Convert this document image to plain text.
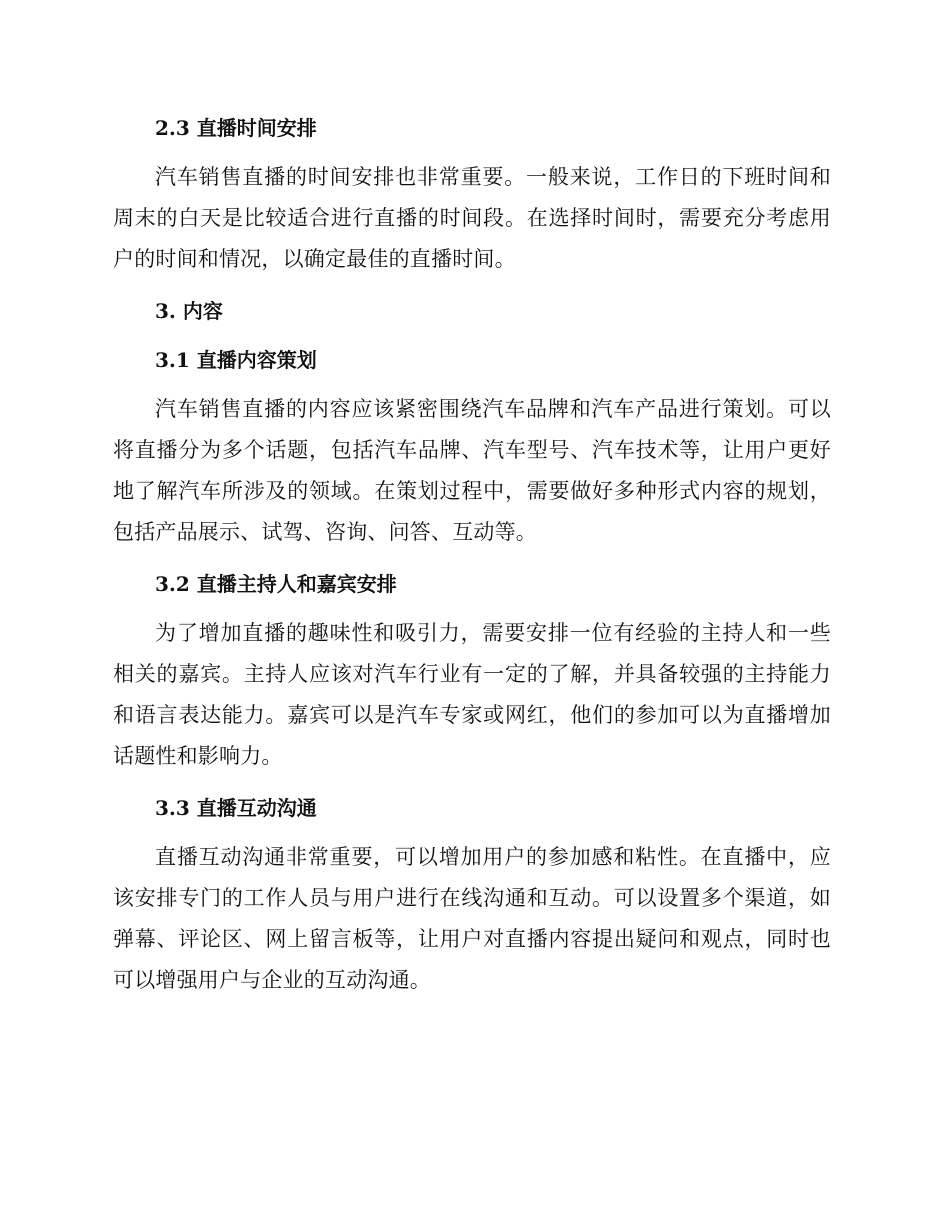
2.3 直播时间安排

汽车销售直播的时间安排也非常重要。一般来说，工作日的下班时间和周末的白天是比较适合进行直播的时间段。在选择时间时，需要充分考虑用户的时间和情况，以确定最佳的直播时间。

3. 内容
3.1 直播内容策划

汽车销售直播的内容应该紧密围绕汽车品牌和汽车产品进行策划。可以将直播分为多个话题，包括汽车品牌、汽车型号、汽车技术等，让用户更好地了解汽车所涉及的领域。在策划过程中，需要做好多种形式内容的规划，包括产品展示、试驾、咨询、问答、互动等。

3.2 直播主持人和嘉宾安排

为了增加直播的趣味性和吸引力，需要安排一位有经验的主持人和一些相关的嘉宾。主持人应该对汽车行业有一定的了解，并具备较强的主持能力和语言表达能力。嘉宾可以是汽车专家或网红，他们的参加可以为直播增加话题性和影响力。

3.3 直播互动沟通

直播互动沟通非常重要，可以增加用户的参加感和粘性。在直播中，应该安排专门的工作人员与用户进行在线沟通和互动。可以设置多个渠道，如弹幕、评论区、网上留言板等，让用户对直播内容提出疑问和观点，同时也可以增强用户与企业的互动沟通。
